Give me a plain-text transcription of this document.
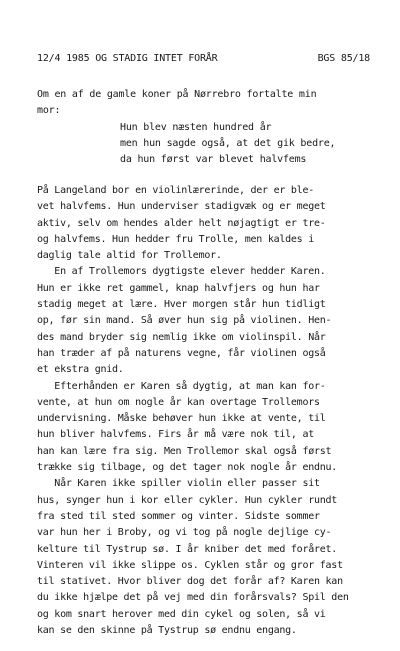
12/4 1985 OG STADIG INTET FORÅR	BGS 85/18

Om en af de gamle koner på Nørrebro fortalte min

mor:

Hun blev næsten hundred år
men hun sagde også, at det gik bedre,
da hun først var blevet halvfems
På Langeland bor en violinlærerinde, der er ble-
vet halvfems. Hun underviser stadigvæk og er meget
aktiv, selv om hendes alder helt nøjagtigt er tre-
og halvfems. Hun hedder fru Trolle, men kaldes i
daglig tale altid for Trollemor.
En af Trollemors dygtigste elever hedder Karen.
Hun er ikke ret gammel, knap halvfjers og hun har
stadig meget at lære. Hver morgen står hun tidligt
op, før sin mand. Så øver hun sig på violinen. Hen-
des mand bryder sig nemlig ikke om violinspil. Når
han træder af på naturens vegne, får violinen også
et ekstra gnid.
Efterhånden er Karen så dygtig, at man kan for-
vente, at hun om nogle år kan overtage Trollemors
undervisning. Måske behøver hun ikke at vente, til
hun bliver halvfems. Firs år må være nok til, at
han kan lære fra sig. Men Trollemor skal også først
trække sig tilbage, og det tager nok nogle år endnu.
Når Karen ikke spiller violin eller passer sit
hus, synger hun i kor eller cykler. Hun cykler rundt
fra sted til sted sommer og vinter. Sidste sommer
var hun her i Broby, og vi tog på nogle dejlige cy-
kelture til Tystrup sø. I år kniber det med foråret.
Vinteren vil ikke slippe os. Cyklen står og gror fast
til stativet. Hvor bliver dog det forår af? Karen kan
du ikke hjælpe det på vej med din forårsvals? Spil den
og kom snart herover med din cykel og solen, så vi
kan se den skinne på Tystrup sø endnu engang.
